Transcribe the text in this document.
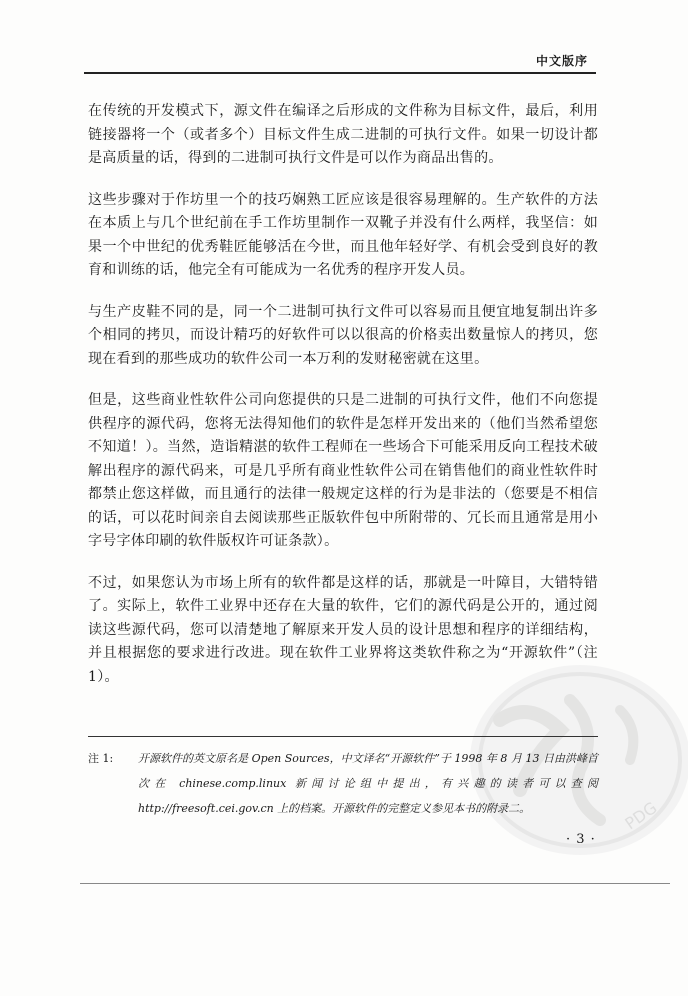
中文版序

在传统的开发模式下，源文件在编译之后形成的文件称为目标文件，最后，利用链接器将一个（或者多个）目标文件生成二进制的可执行文件。如果一切设计都是高质量的话，得到的二进制可执行文件是可以作为商品出售的。

这些步骤对于作坊里一个的技巧娴熟工匠应该是很容易理解的。生产软件的方法在本质上与几个世纪前在手工作坊里制作一双靴子并没有什么两样，我坚信：如果一个中世纪的优秀鞋匠能够活在今世，而且他年轻好学、有机会受到良好的教育和训练的话，他完全有可能成为一名优秀的程序开发人员。

与生产皮鞋不同的是，同一个二进制可执行文件可以容易而且便宜地复制出许多个相同的拷贝，而设计精巧的好软件可以以很高的价格卖出数量惊人的拷贝，您现在看到的那些成功的软件公司一本万利的发财秘密就在这里。

但是，这些商业性软件公司向您提供的只是二进制的可执行文件，他们不向您提供程序的源代码，您将无法得知他们的软件是怎样开发出来的（他们当然希望您不知道！）。当然，造诣精湛的软件工程师在一些场合下可能采用反向工程技术破解出程序的源代码来，可是几乎所有商业性软件公司在销售他们的商业性软件时都禁止您这样做，而且通行的法律一般规定这样的行为是非法的（您要是不相信的话，可以花时间亲自去阅读那些正版软件包中所附带的、冗长而且通常是用小字号字体印刷的软件版权许可证条款）。

不过，如果您认为市场上所有的软件都是这样的话，那就是一叶障目，大错特错了。实际上，软件工业界中还存在大量的软件，它们的源代码是公开的，通过阅读这些源代码，您可以清楚地了解原来开发人员的设计思想和程序的详细结构，并且根据您的要求进行改进。现在软件工业界将这类软件称之为“开源软件”（注 1）。

PDG
注 1:	开源软件的英文原名是 Open Sources，中文译名“开源软件”于 1998 年 8 月 13 日由洪峰首次在 chinese.comp.linux 新闻讨论组中提出，有兴趣的读者可以查阅 http://freesoft.cei.gov.cn 上的档案。开源软件的完整定义参见本书的附录二。
· 3 ·
